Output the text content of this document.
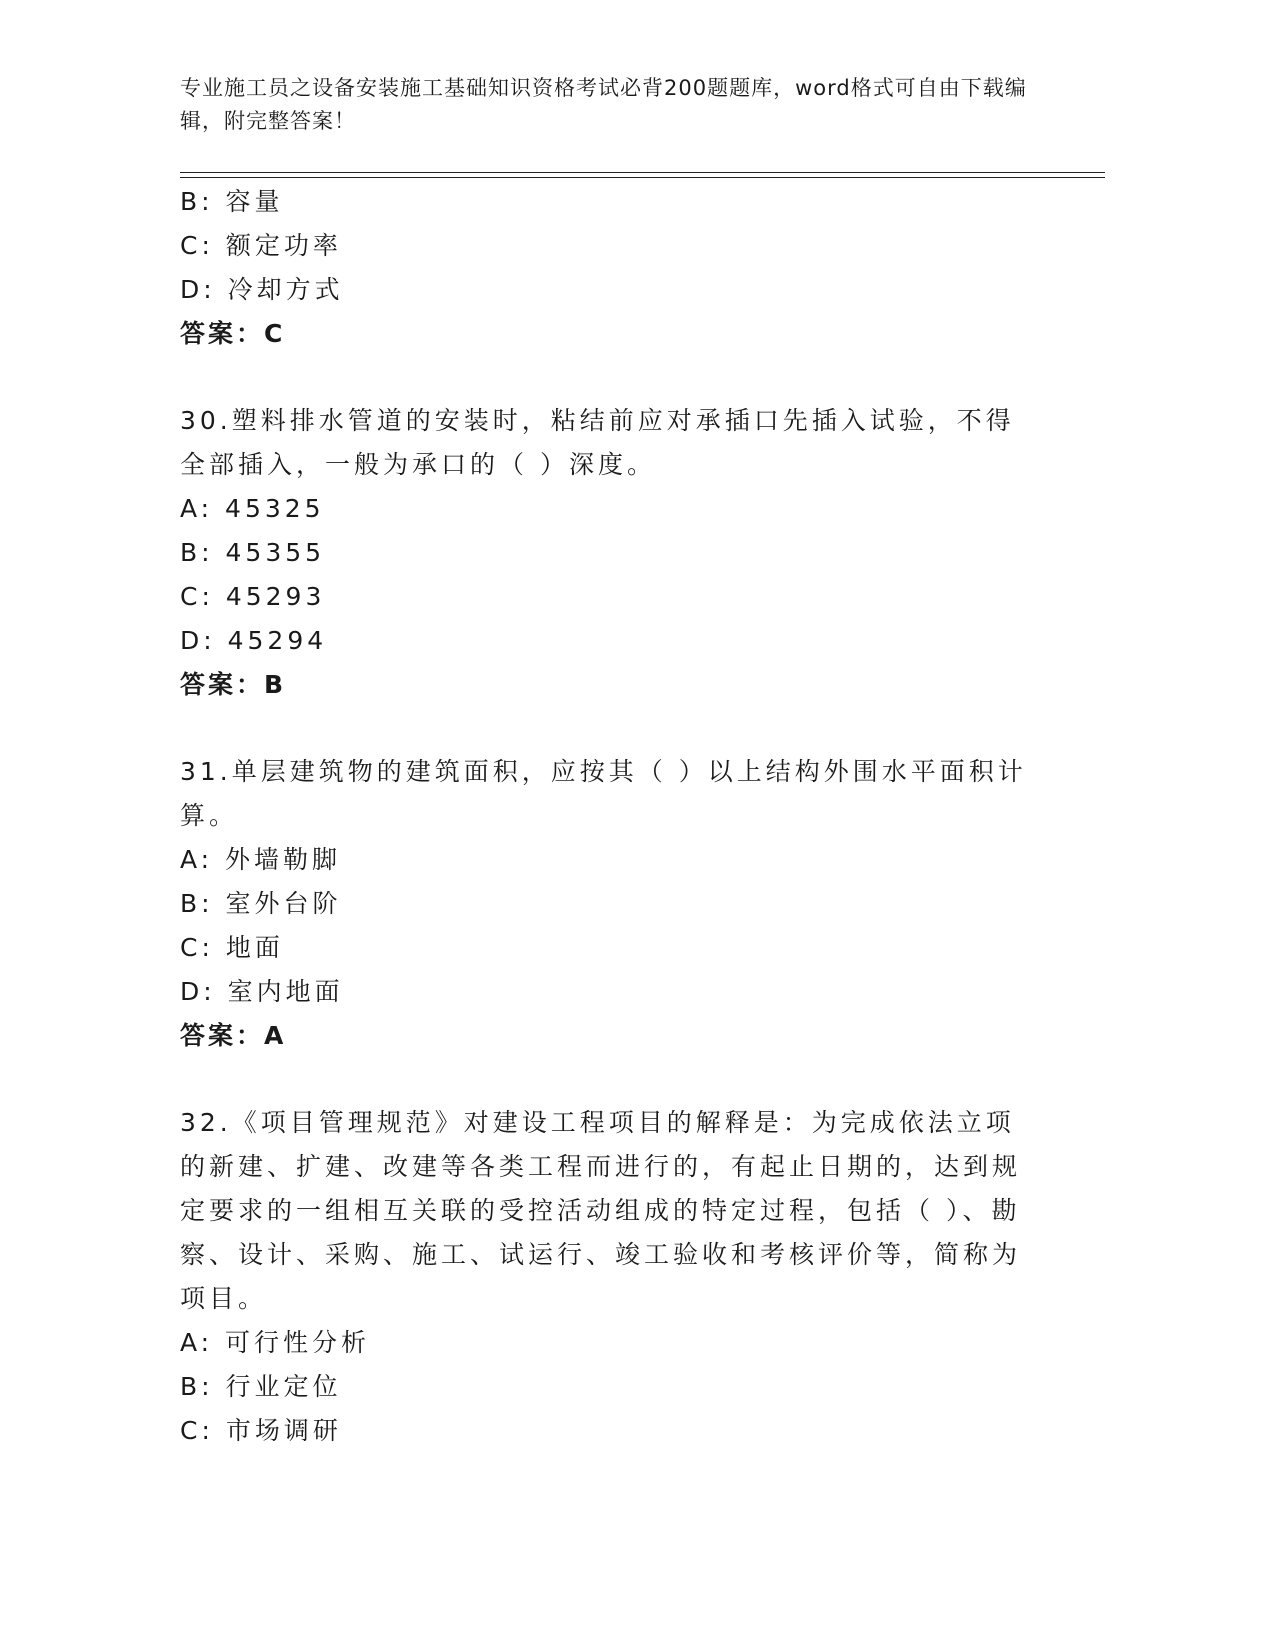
专业施工员之设备安装施工基础知识资格考试必背200题题库，word格式可自由下载编辑，附完整答案！
B: 容量
C: 额定功率
D: 冷却方式
答案：C
30.塑料排水管道的安装时，粘结前应对承插口先插入试验，不得全部插入，一般为承口的（ ）深度。
A: 45325
B: 45355
C: 45293
D: 45294
答案：B
31.单层建筑物的建筑面积，应按其（ ）以上结构外围水平面积计算。
A: 外墙勒脚
B: 室外台阶
C: 地面
D: 室内地面
答案：A
32.《项目管理规范》对建设工程项目的解释是：为完成依法立项的新建、扩建、改建等各类工程而进行的，有起止日期的，达到规定要求的一组相互关联的受控活动组成的特定过程，包括（ ）、勘察、设计、采购、施工、试运行、竣工验收和考核评价等，简称为项目。
A: 可行性分析
B: 行业定位
C: 市场调研
